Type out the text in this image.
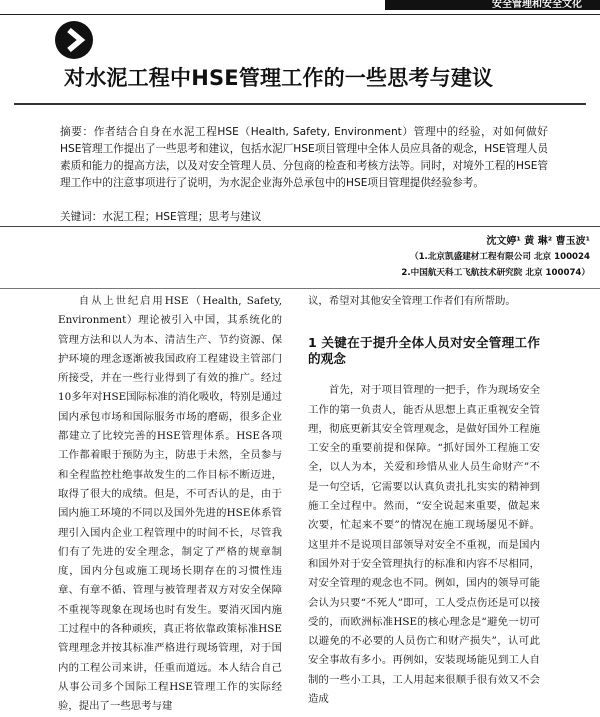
安全管理和安全文化
对水泥工程中HSE管理工作的一些思考与建议
摘要：作者结合自身在水泥工程HSE（Health, Safety, Environment）管理中的经验，对如何做好HSE管理工作提出了一些思考和建议，包括水泥厂HSE项目管理中全体人员应具备的观念，HSE管理人员素质和能力的提高方法，以及对安全管理人员、分包商的检查和考核方法等。同时，对境外工程的HSE管理工作中的注意事项进行了说明，为水泥企业海外总承包中的HSE项目管理提供经验参考。
关键词：水泥工程；HSE管理；思考与建议
沈文婷¹ 黄 琳² 曹玉波¹
（1.北京凯盛建材工程有限公司 北京 100024
2.中国航天科工飞航技术研究院 北京 100074）

自从上世纪启用HSE（Health, Safety, Environment）理论被引入中国，其系统化的管理方法和以人为本、清洁生产、节约资源、保护环境的理念逐渐被我国政府工程建设主管部门所接受，并在一些行业得到了有效的推广。经过10多年对HSE国际标准的消化吸收，特别是通过国内承包市场和国际服务市场的磨砺，很多企业都建立了比较完善的HSE管理体系。HSE各项工作都着眼于预防为主，防患于未然，全员参与和全程监控杜绝事故发生的二作目标不断迈进，取得了很大的成绩。但是，不可否认的是，由于国内施工环境的不同以及国外先进的HSE体系管理引入国内企业工程管理中的时间不长，尽管我们有了先进的安全理念，制定了严格的规章制度，国内分包或施工现场长期存在的习惯性违章、有章不循、管理与被管理者双方对安全保障不重视等现象在现场也时有发生。要消灭国内施工过程中的各种顽疾，真正将依靠政策标准HSE管理理念并按其标准严格进行现场管理，对于国内的工程公司来讲，任重而道远。本人结合自己从事公司多个国际工程HSE管理工作的实际经验，提出了一些思考与建

议，希望对其他安全管理工作者们有所帮助。

1 关键在于提升全体人员对安全管理工作的观念

首先，对于项目管理的一把手，作为现场安全工作的第一负责人，能否从思想上真正重视安全管理，彻底更新其安全管理观念，是做好国外工程施工安全的重要前提和保障。“抓好国外工程施工安全，以人为本，关爱和珍惜从业人员生命财产”不是一句空话，它需要以认真负责扎扎实实的精神到施工全过程中。然而，“安全说起来重要，做起来次要，忙起来不要”的情况在施工现场屡见不鲜。这里并不是说项目部领导对安全不重视，而是国内和国外对于安全管理执行的标准和内容不尽相同，对安全管理的观念也不同。例如，国内的领导可能会认为只要“不死人”即可，工人受点伤还是可以接受的，而欧洲标准HSE的核心理念是“避免一切可以避免的不必要的人员伤亡和财产损失”，认可此安全事故有多小。再例如，安装现场能见到工人自制的一些小工具，工人用起来很顺手很有效又不会造成
